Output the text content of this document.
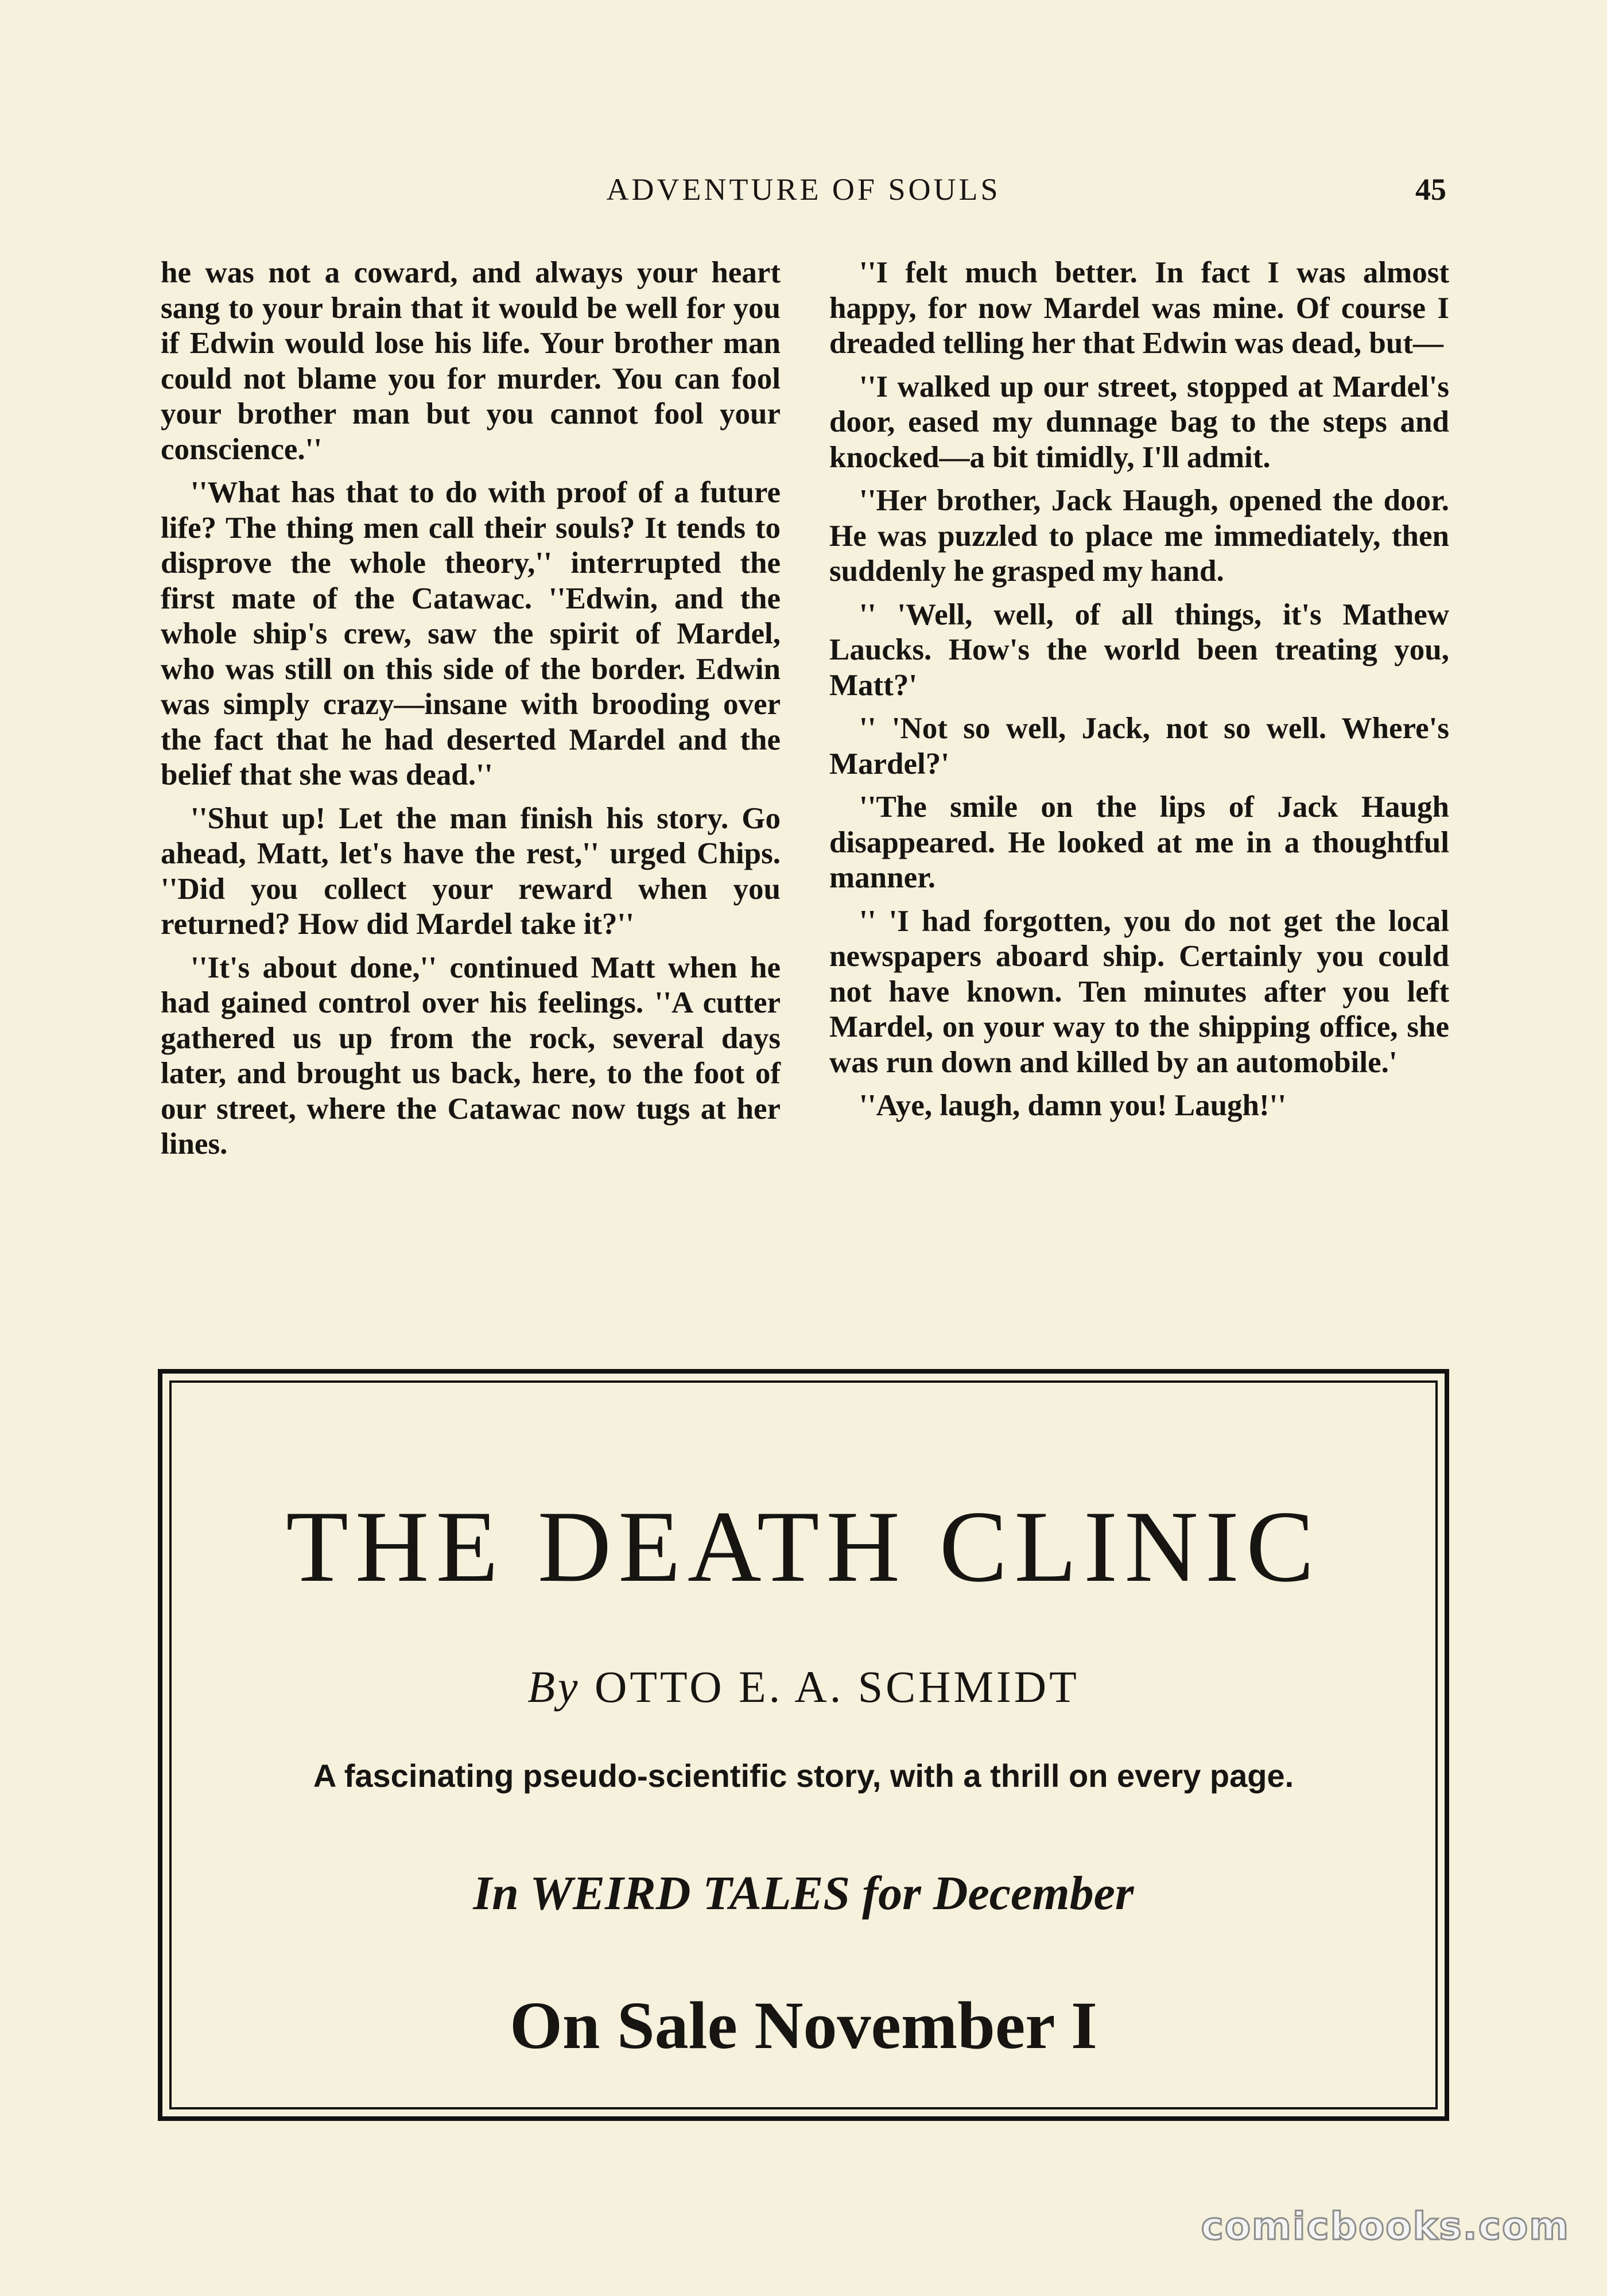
ADVENTURE OF SOULS	45

he was not a coward, and always your heart sang to your brain that it would be well for you if Edwin would lose his life. Your brother man could not blame you for murder. You can fool your brother man but you cannot fool your conscience.''

''What has that to do with proof of a future life? The thing men call their souls? It tends to disprove the whole theory,'' interrupted the first mate of the Catawac. ''Edwin, and the whole ship's crew, saw the spirit of Mardel, who was still on this side of the border. Edwin was simply crazy—insane with brooding over the fact that he had deserted Mardel and the belief that she was dead.''

''Shut up! Let the man finish his story. Go ahead, Matt, let's have the rest,'' urged Chips. ''Did you collect your reward when you returned? How did Mardel take it?''

''It's about done,'' continued Matt when he had gained control over his feelings. ''A cutter gathered us up from the rock, several days later, and brought us back, here, to the foot of our street, where the Catawac now tugs at her lines.

''I felt much better. In fact I was almost happy, for now Mardel was mine. Of course I dreaded telling her that Edwin was dead, but—

''I walked up our street, stopped at Mardel's door, eased my dunnage bag to the steps and knocked—a bit timidly, I'll admit.

''Her brother, Jack Haugh, opened the door. He was puzzled to place me immediately, then suddenly he grasped my hand.

'' 'Well, well, of all things, it's Mathew Laucks. How's the world been treating you, Matt?'

'' 'Not so well, Jack, not so well. Where's Mardel?'

''The smile on the lips of Jack Haugh disappeared. He looked at me in a thoughtful manner.

'' 'I had forgotten, you do not get the local newspapers aboard ship. Certainly you could not have known. Ten minutes after you left Mardel, on your way to the shipping office, she was run down and killed by an automobile.'

''Aye, laugh, damn you! Laugh!''

THE DEATH CLINIC
By OTTO E. A. SCHMIDT
A fascinating pseudo-scientific story, with a thrill on every page.
In WEIRD TALES for December
On Sale November I
comicbooks.com
